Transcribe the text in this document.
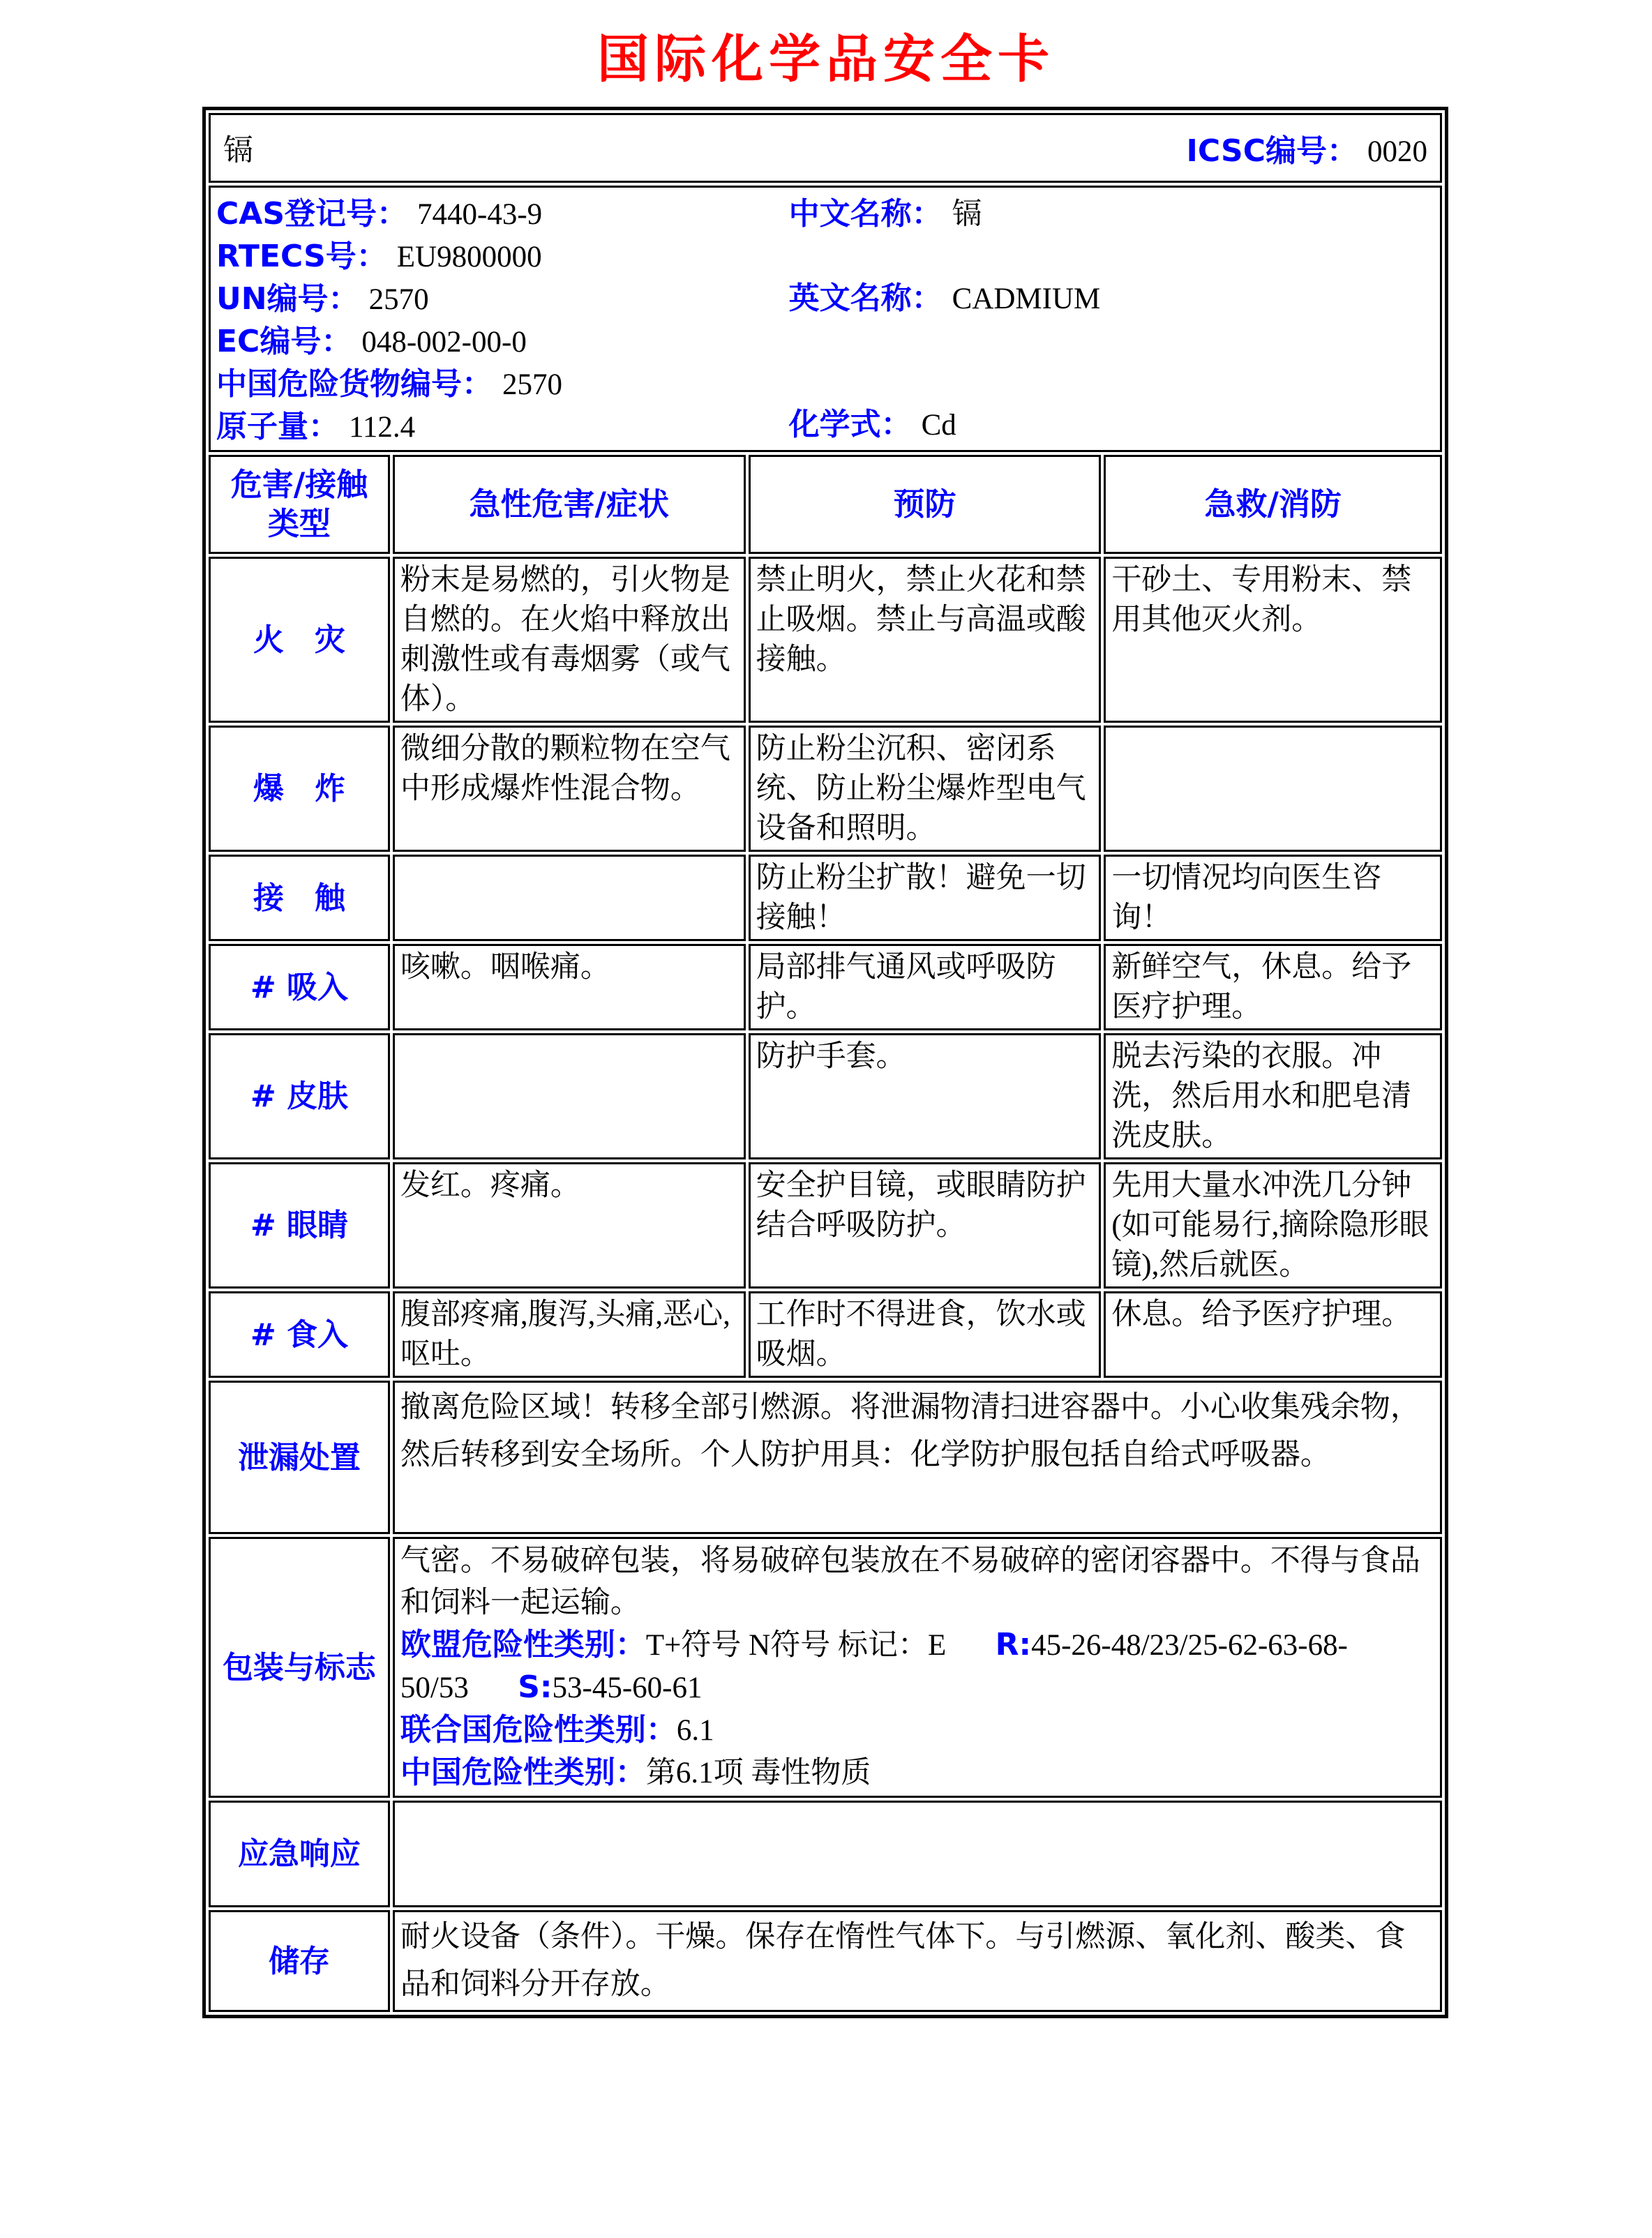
国际化学品安全卡
镉 ICSC编号： 0020			

CAS登记号： 7440-43-9
RTECS号： EU9800000
UN编号： 2570
EC编号： 048-002-00-0
中国危险货物编号： 2570
原子量： 112.4
中文名称： 镉
英文名称： CADMIUM
化学式： Cd

危害/接触
类型	急性危害/症状	预防	急救/消防
火　灾	粉末是易燃的，引火物是自燃的。在火焰中释放出刺激性或有毒烟雾（或气体）。	禁止明火，禁止火花和禁止吸烟。禁止与高温或酸接触。	干砂土、专用粉末、禁用其他灭火剂。
爆　炸	微细分散的颗粒物在空气中形成爆炸性混合物。	防止粉尘沉积、密闭系统、防止粉尘爆炸型电气设备和照明。	
接　触		防止粉尘扩散！避免一切接触！	一切情况均向医生咨询！
# 吸入	咳嗽。咽喉痛。	局部排气通风或呼吸防护。	新鲜空气，休息。给予医疗护理。
# 皮肤		防护手套。	脱去污染的衣服。冲洗，然后用水和肥皂清洗皮肤。
# 眼睛	发红。疼痛。	安全护目镜，或眼睛防护结合呼吸防护。	先用大量水冲洗几分钟(如可能易行,摘除隐形眼镜),然后就医。
# 食入	腹部疼痛,腹泻,头痛,恶心,呕吐。	工作时不得进食，饮水或吸烟。	休息。给予医疗护理。
泄漏处置	撤离危险区域！转移全部引燃源。将泄漏物清扫进容器中。小心收集残余物，然后转移到安全场所。个人防护用具：化学防护服包括自给式呼吸器。		
包装与标志	气密。不易破碎包装，将易破碎包装放在不易破碎的密闭容器中。不得与食品和饲料一起运输。
欧盟危险性类别：T+符号 N符号 标记：E R:45-26-48/23/25-62-63-68-50/53 S:53-45-60-61
联合国危险性类别：6.1
中国危险性类别：第6.1项 毒性物质		

应急响应			
储存	耐火设备（条件）。干燥。保存在惰性气体下。与引燃源、氧化剂、酸类、食品和饲料分开存放。		
